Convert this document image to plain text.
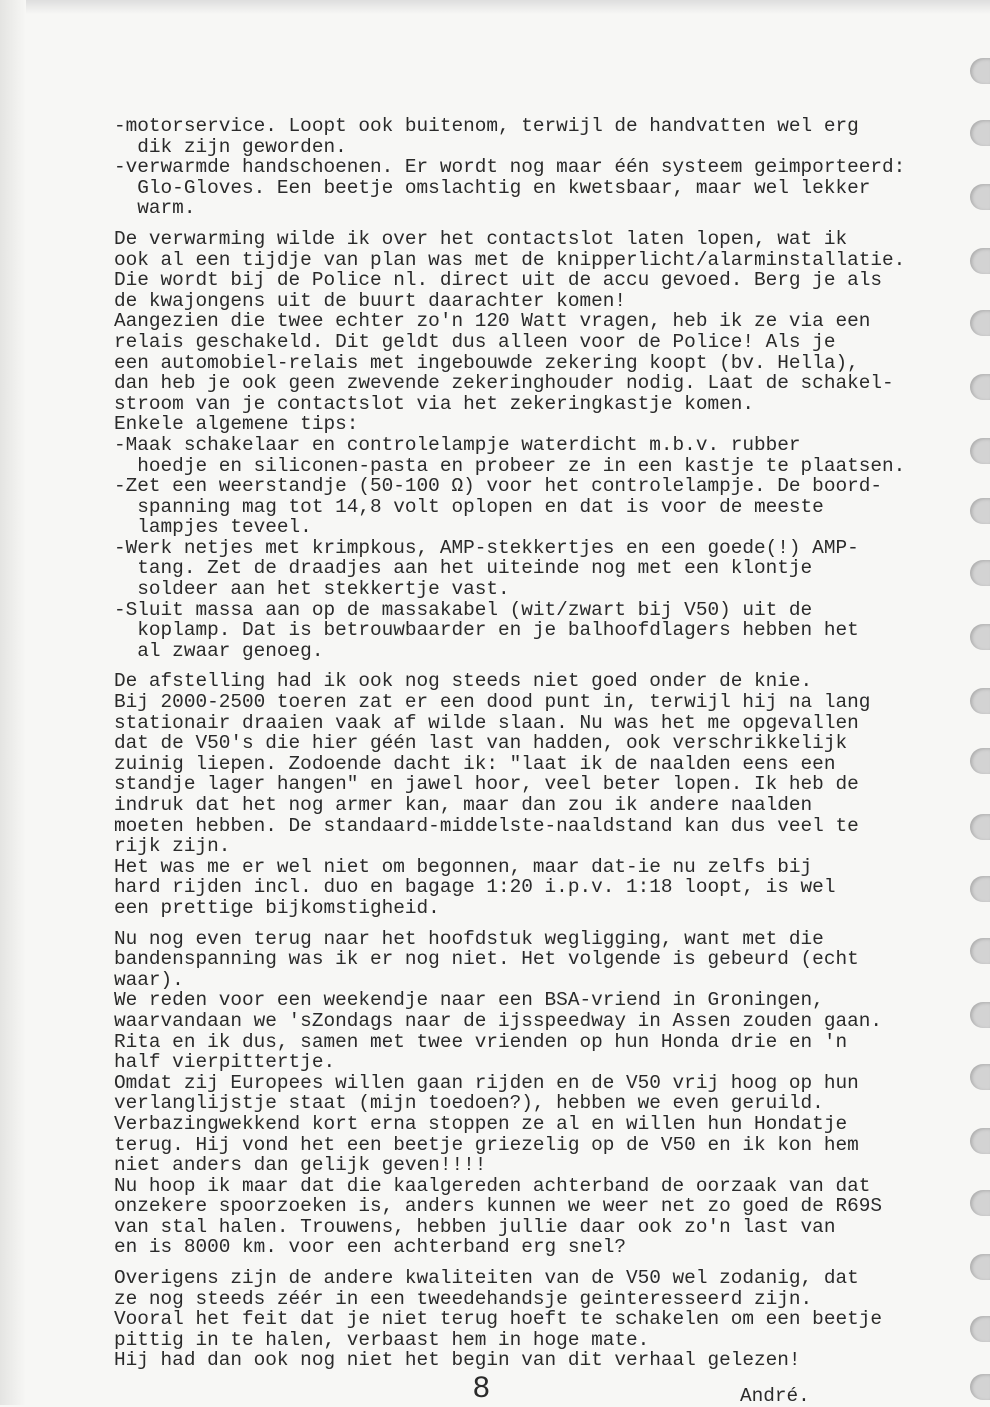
-motorservice. Loopt ook buitenom, terwijl de handvatten wel erg
dik zijn geworden.
-verwarmde handschoenen. Er wordt nog maar één systeem geimporteerd:
Glo-Gloves. Een beetje omslachtig en kwetsbaar, maar wel lekker
warm.
De verwarming wilde ik over het contactslot laten lopen, wat ik
ook al een tijdje van plan was met de knipperlicht/alarminstallatie.
Die wordt bij de Police nl. direct uit de accu gevoed. Berg je als
de kwajongens uit de buurt daarachter komen!
Aangezien die twee echter zo'n 120 Watt vragen, heb ik ze via een
relais geschakeld. Dit geldt dus alleen voor de Police! Als je
een automobiel-relais met ingebouwde zekering koopt (bv. Hella),
dan heb je ook geen zwevende zekeringhouder nodig. Laat de schakel-
stroom van je contactslot via het zekeringkastje komen.
Enkele algemene tips:
-Maak schakelaar en controlelampje waterdicht m.b.v. rubber
hoedje en siliconen-pasta en probeer ze in een kastje te plaatsen.
-Zet een weerstandje (50-100 Ω) voor het controlelampje. De boord-
spanning mag tot 14,8 volt oplopen en dat is voor de meeste
lampjes teveel.
-Werk netjes met krimpkous, AMP-stekkertjes en een goede(!) AMP-
tang. Zet de draadjes aan het uiteinde nog met een klontje
soldeer aan het stekkertje vast.
-Sluit massa aan op de massakabel (wit/zwart bij V50) uit de
koplamp. Dat is betrouwbaarder en je balhoofdlagers hebben het
al zwaar genoeg.
De afstelling had ik ook nog steeds niet goed onder de knie.
Bij 2000-2500 toeren zat er een dood punt in, terwijl hij na lang
stationair draaien vaak af wilde slaan. Nu was het me opgevallen
dat de V50's die hier géén last van hadden, ook verschrikkelijk
zuinig liepen. Zodoende dacht ik: "laat ik de naalden eens een
standje lager hangen" en jawel hoor, veel beter lopen. Ik heb de
indruk dat het nog armer kan, maar dan zou ik andere naalden
moeten hebben. De standaard-middelste-naaldstand kan dus veel te
rijk zijn.
Het was me er wel niet om begonnen, maar dat-ie nu zelfs bij
hard rijden incl. duo en bagage 1:20 i.p.v. 1:18 loopt, is wel
een prettige bijkomstigheid.
Nu nog even terug naar het hoofdstuk wegligging, want met die
bandenspanning was ik er nog niet. Het volgende is gebeurd (echt
waar).
We reden voor een weekendje naar een BSA-vriend in Groningen,
waarvandaan we 'sZondags naar de ijsspeedway in Assen zouden gaan.
Rita en ik dus, samen met twee vrienden op hun Honda drie en 'n
half vierpittertje.
Omdat zij Europees willen gaan rijden en de V50 vrij hoog op hun
verlanglijstje staat (mijn toedoen?), hebben we even geruild.
Verbazingwekkend kort erna stoppen ze al en willen hun Hondatje
terug. Hij vond het een beetje griezelig op de V50 en ik kon hem
niet anders dan gelijk geven!!!!
Nu hoop ik maar dat die kaalgereden achterband de oorzaak van dat
onzekere spoorzoeken is, anders kunnen we weer net zo goed de R69S
van stal halen. Trouwens, hebben jullie daar ook zo'n last van
en is 8000 km. voor een achterband erg snel?
Overigens zijn de andere kwaliteiten van de V50 wel zodanig, dat
ze nog steeds zéér in een tweedehandsje geinteresseerd zijn.
Vooral het feit dat je niet terug hoeft te schakelen om een beetje
pittig in te halen, verbaast hem in hoge mate.
Hij had dan ook nog niet het begin van dit verhaal gelezen!
8	André.
